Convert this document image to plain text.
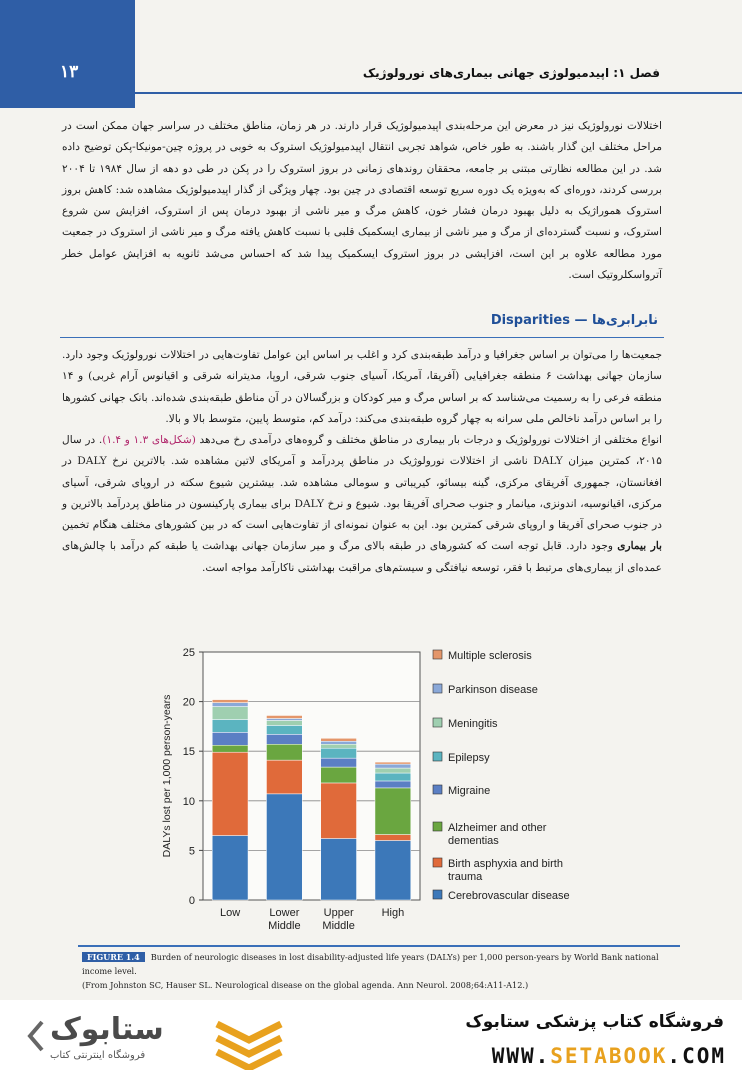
۱۳	فصل ۱: اپیدمیولوژی جهانی بیماری‌های نورولوژیک
اختلالات نورولوژیک نیز در معرض این مرحله‌بندی اپیدمیولوژیک قرار دارند. در هر زمان، مناطق مختلف در سراسر جهان ممکن است در مراحل مختلف این گذار باشند. به طور خاص، شواهد تجربی انتقال اپیدمیولوژیک استروک به خوبی در پروژه چین-مونیکا-پکن توضیح داده شد. در این مطالعه نظارتی مبتنی بر جامعه، محققان روندهای زمانی در بروز استروک را در پکن در طی دو دهه از سال ۱۹۸۴ تا ۲۰۰۴ بررسی کردند، دوره‌ای که به‌ویژه یک دوره سریع توسعه اقتصادی در چین بود. چهار ویژگی از گذار اپیدمیولوژیک مشاهده شد: کاهش بروز استروک هموراژیک به دلیل بهبود درمان فشار خون، کاهش مرگ و میر ناشی از بهبود درمان پس از استروک، افزایش سن شروع استروک، و نسبت گسترده‌ای از مرگ و میر ناشی از بیماری ایسکمیک قلبی با نسبت کاهش یافته مرگ و میر ناشی از استروک در جمعیت مورد مطالعه علاوه بر این است، افزایشی در بروز استروک ایسکمیک پیدا شد که احساس می‌شد ثانویه به افزایش عوامل خطر آترواسکلروتیک است.
نابرابری‌ها — Disparities
جمعیت‌ها را می‌توان بر اساس جغرافیا و درآمد طبقه‌بندی کرد و اغلب بر اساس این عوامل تفاوت‌هایی در اختلالات نورولوژیک وجود دارد. سازمان جهانی بهداشت ۶ منطقه جغرافیایی (آفریقا، آمریکا، آسیای جنوب شرقی، اروپا، مدیترانه شرقی و اقیانوس آرام غربی) و ۱۴ منطقه فرعی را به رسمیت می‌شناسد که بر اساس مرگ و میر کودکان و بزرگسالان در آن مناطق طبقه‌بندی شده‌اند. بانک جهانی کشورها را بر اساس درآمد ناخالص ملی سرانه به چهار گروه طبقه‌بندی می‌کند: درآمد کم، متوسط پایین، متوسط بالا و بالا.
انواع مختلفی از اختلالات نورولوژیک و درجات بار بیماری در مناطق مختلف و گروه‌های درآمدی رخ می‌دهد (شکل‌های ۱.۳ و ۱.۴). در سال ۲۰۱۵، کمترین میزان DALY ناشی از اختلالات نورولوژیک در مناطق پردرآمد و آمریکای لاتین مشاهده شد. بالاترین نرخ DALY در افغانستان، جمهوری آفریقای مرکزی، گینه بیسائو، کیریباتی و سومالی مشاهده شد. بیشترین شیوع سکته در اروپای شرقی، آسیای مرکزی، اقیانوسیه، اندونزی، میانمار و جنوب صحرای آفریقا بود. شیوع و نرخ DALY برای بیماری پارکینسون در مناطق پردرآمد بالاترین و در جنوب صحرای آفریقا و اروپای شرقی کمترین بود. این به عنوان نمونه‌ای از تفاوت‌هایی است که در بین کشورهای مختلف هنگام تخمین بار بیماری وجود دارد. قابل توجه است که کشورهای در طبقه بالای مرگ و میر سازمان جهانی بهداشت یا طبقه کم درآمد با چالش‌های عمده‌ای از بیماری‌های مرتبط با فقر، توسعه نیافتگی و سیستم‌های مراقبت بهداشتی ناکارآمد مواجه است.
0
5
10
15
20
25
DALYs lost per 1,000 person-years
Low	Lower Middle
Upper Middle
High
Multiple sclerosis
Parkinson disease
Meningitis
Epilepsy
Migraine
Alzheimer and other dementias
Birth asphyxia and birth trauma
Cerebrovascular disease
FIGURE 1.4 Burden of neurologic diseases in lost disability-adjusted life years (DALYs) per 1,000 person-years by World Bank national income level.
(From Johnston SC, Hauser SL. Neurological disease on the global agenda. Ann Neurol. 2008;64:A11-A12.)
ستابوک
فروشگاه اینترنتی کتاب
فروشگاه کتاب پزشکی ستابوک
WWW.SETABOOK.COM
